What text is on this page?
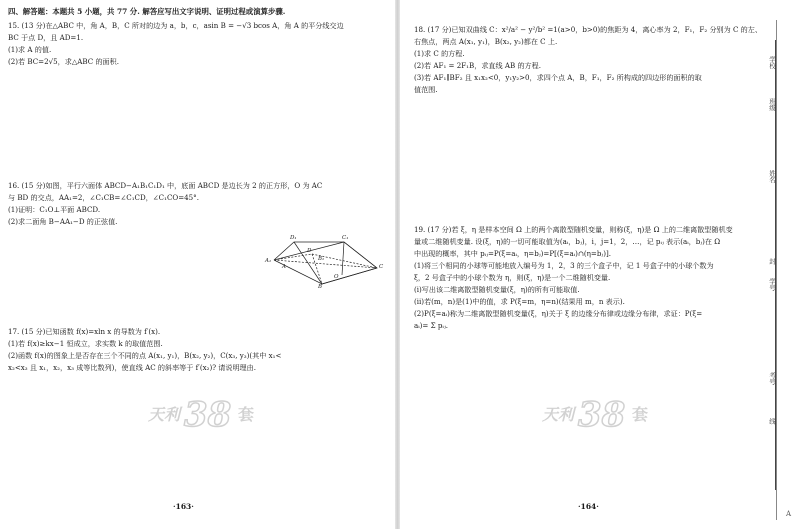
四、解答题：本题共 5 小题，共 77 分. 解答应写出文字说明、证明过程或演算步骤.
15. (13 分)在△ABC 中，角 A，B，C 所对的边为 a，b，c，asin B = −√3 bcos A，角 A 的平分线交边
BC 于点 D，且 AD=1.
(1)求 A 的值.
(2)若 BC=2√5，求△ABC 的面积.
16. (15 分)如图，平行六面体 ABCD−A₁B₁C₁D₁ 中，底面 ABCD 是边长为 2 的正方形，O 为 AC
与 BD 的交点，AA₁=2，∠C₁CB=∠C₁CD，∠C₁CO=45°.
(1)证明：C₁O⊥平面 ABCD.
(2)求二面角 B−AA₁−D 的正弦值.
D₁	C₁
A₁	B₁
D
C
A
O
B
17. (15 分)已知函数 f(x)=xln x 的导数为 f′(x).
(1)若 f(x)≥kx−1 恒成立，求实数 k 的取值范围.
(2)函数 f(x)的图象上是否存在三个不同的点 A(x₁, y₁)，B(x₂, y₂)，C(x₃, y₃)(其中 x₁<
x₂<x₃ 且 x₁，x₂，x₃ 成等比数列)，使直线 AC 的斜率等于 f′(x₂)? 请说明理由.
天利 38 套
·163·
18. (17 分)已知双曲线 C：x²/a² − y²/b² =1(a>0，b>0)的焦距为 4，离心率为 2，F₁，F₂ 分别为 C 的左、
右焦点，两点 A(x₁, y₁)，B(x₂, y₂)都在 C 上.
(1)求 C 的方程.
(2)若 AF₁ = 2F₁B，求直线 AB 的方程.
(3)若 AF₁∥BF₂ 且 x₁x₂<0，y₁y₂>0，求四个点 A，B，F₁，F₂ 所构成的四边形的面积的取
值范围.
19. (17 分)若 ξ，η 是样本空间 Ω 上的两个离散型随机变量，则称(ξ，η)是 Ω 上的二维离散型随机变
量或二维随机变量. 设(ξ，η)的一切可能取值为(aᵢ，bⱼ)，i，j=1，2，…，记 pᵢⱼ 表示(aᵢ，bⱼ)在 Ω
中出现的概率，其中 pᵢⱼ=P(ξ=aᵢ，η=bⱼ)=P[(ξ=aᵢ)∩(η=bⱼ)].
(1)将三个相同的小球等可能地放入编号为 1，2，3 的三个盒子中，记 1 号盒子中的小球个数为
ξ，2 号盒子中的小球个数为 η，则(ξ，η)是一个二维随机变量.
(ⅰ)写出该二维离散型随机变量(ξ，η)的所有可能取值.
(ⅱ)若(m，n)是(1)中的值，求 P(ξ=m，η=n)(结果用 m，n 表示).
(2)P(ξ=aᵢ)称为二维离散型随机变量(ξ，η)关于 ξ 的边缘分布律或边缘分布律，求证：P(ξ=
aᵢ)= Σ pᵢⱼ.
天利 38 套
·164·
学校
班级
姓名
封
学号
考号
线
A
